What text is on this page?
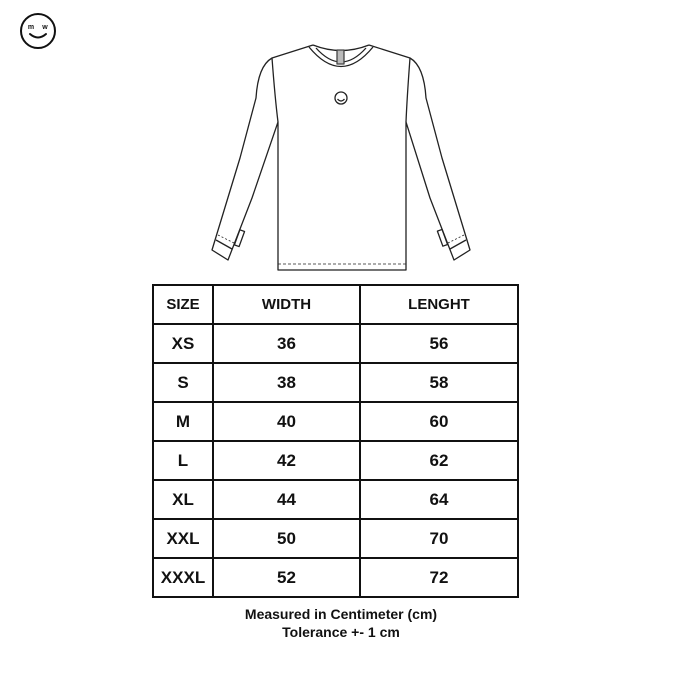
m w
SIZE	WIDTH	LENGHT
XS	36	56
S	38	58
M	40	60
L	42	62
XL	44	64
XXL	50	70
XXXL	52	72
Measured in Centimeter (cm)
Tolerance +- 1 cm
